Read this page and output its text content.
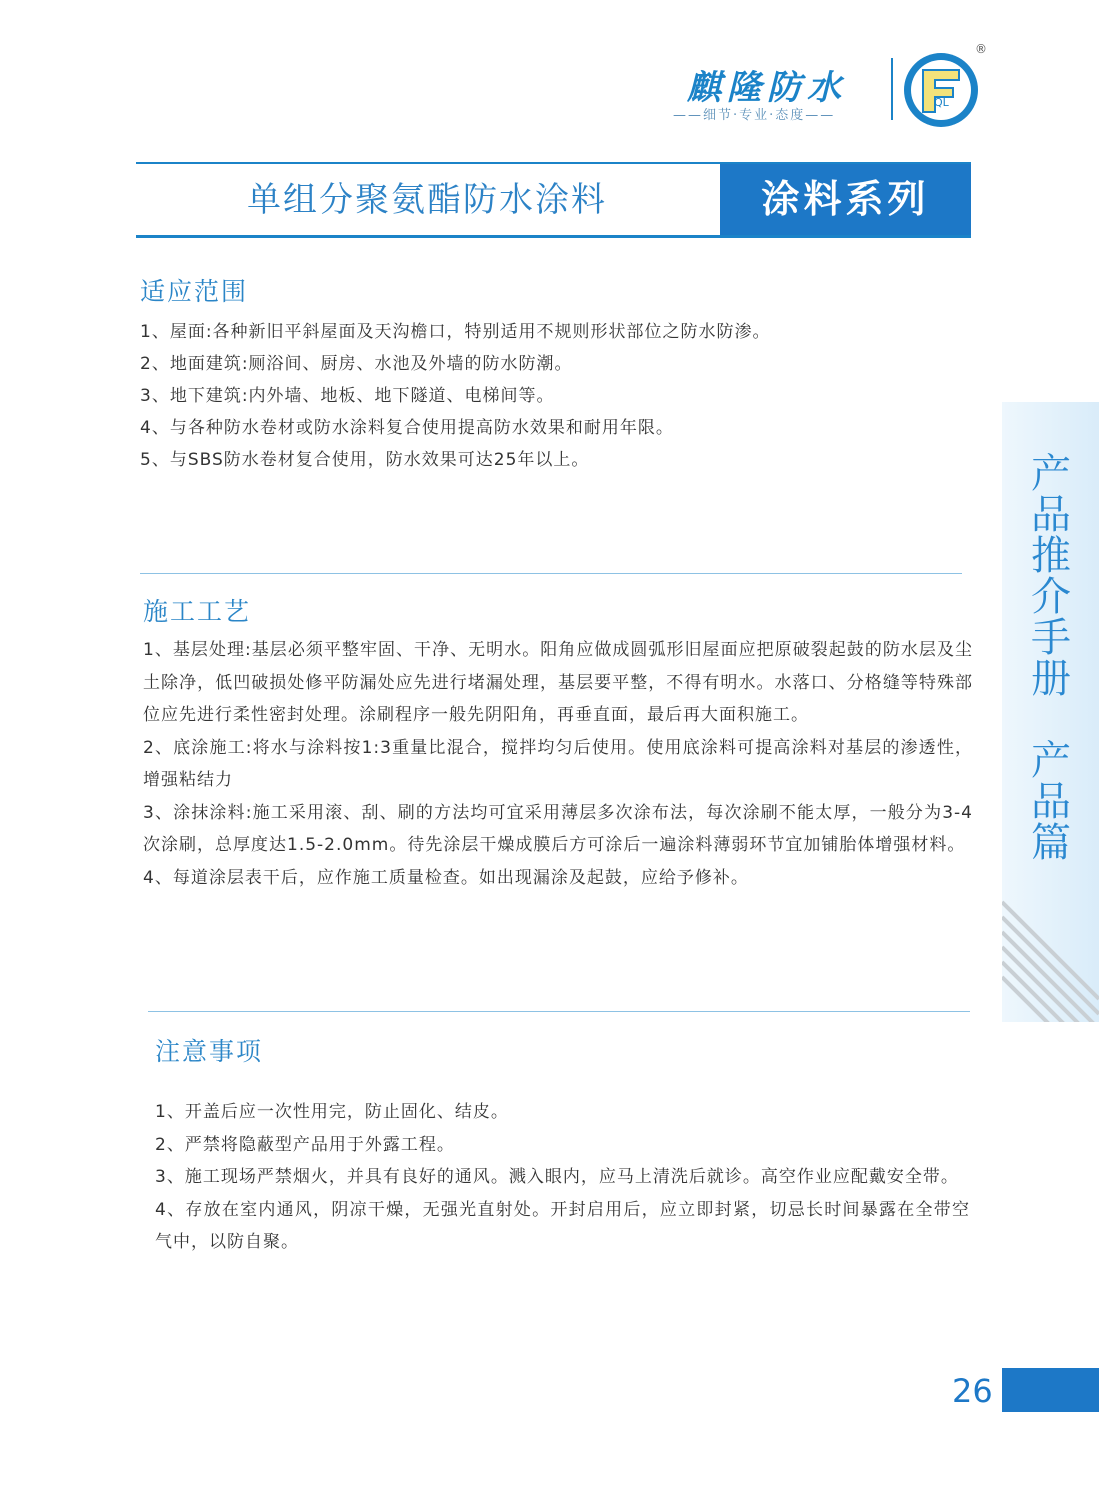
麒隆防水
——细节·专业·态度——
QL
®
单组分聚氨酯防水涂料	涂料系列
适应范围

1、屋面:各种新旧平斜屋面及天沟檐口，特别适用不规则形状部位之防水防渗。

2、地面建筑:厕浴间、厨房、水池及外墙的防水防潮。

3、地下建筑:内外墙、地板、地下隧道、电梯间等。

4、与各种防水卷材或防水涂料复合使用提高防水效果和耐用年限。

5、与SBS防水卷材复合使用，防水效果可达25年以上。

施工工艺

1、基层处理:基层必须平整牢固、干净、无明水。阳角应做成圆弧形旧屋面应把原破裂起鼓的防水层及尘土除净，低凹破损处修平防漏处应先进行堵漏处理，基层要平整，不得有明水。水落口、分格缝等特殊部位应先进行柔性密封处理。涂刷程序一般先阴阳角，再垂直面，最后再大面积施工。

2、底涂施工:将水与涂料按1:3重量比混合，搅拌均匀后使用。使用底涂料可提高涂料对基层的渗透性，增强粘结力

3、涂抹涂料:施工采用滚、刮、刷的方法均可宜采用薄层多次涂布法，每次涂刷不能太厚，一般分为3-4次涂刷，总厚度达1.5-2.0mm。待先涂层干燥成膜后方可涂后一遍涂料薄弱环节宜加铺胎体增强材料。

4、每道涂层表干后，应作施工质量检查。如出现漏涂及起鼓，应给予修补。

注意事项

1、开盖后应一次性用完，防止固化、结皮。

2、严禁将隐蔽型产品用于外露工程。

3、施工现场严禁烟火，并具有良好的通风。溅入眼内，应马上清洗后就诊。高空作业应配戴安全带。

4、存放在室内通风，阴凉干燥，无强光直射处。开封启用后，应立即封紧，切忌长时间暴露在全带空气中，以防自聚。

产
品
推
介
手
册
产
品
篇
26
